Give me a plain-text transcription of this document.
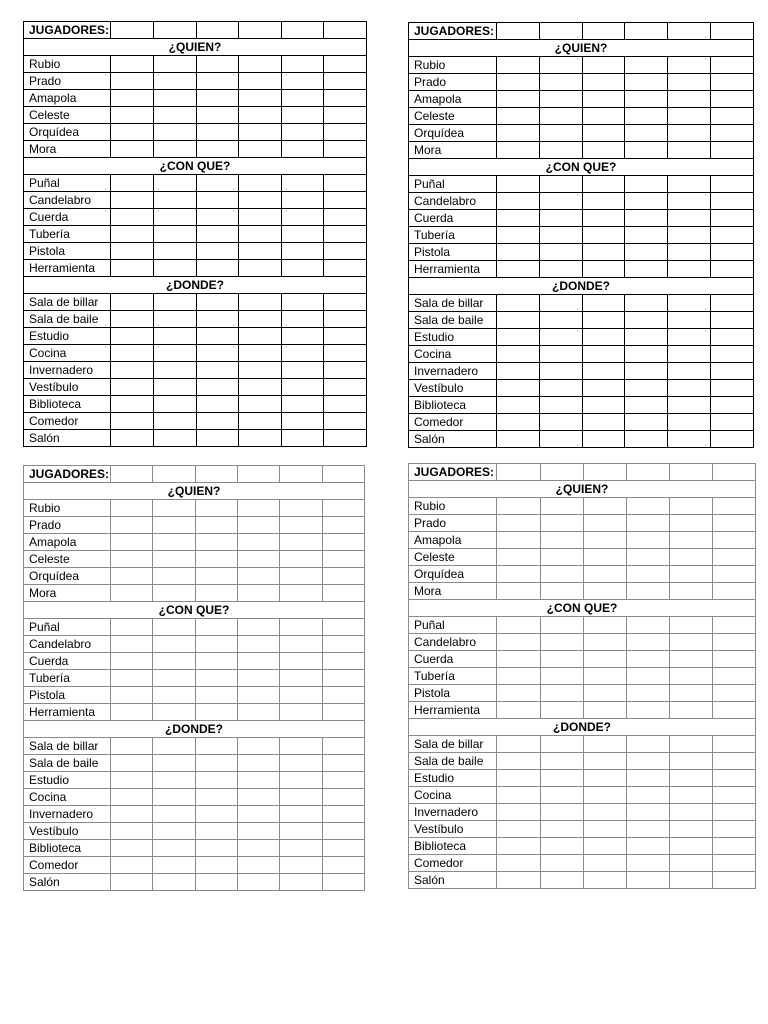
JUGADORES:						
¿QUIEN?						
Rubio						
Prado						
Amapola						
Celeste						
Orquídea						
Mora						
¿CON QUE?						
Puñal						
Candelabro						
Cuerda						
Tubería						
Pistola						
Herramienta						
¿DONDE?						
Sala de billar						
Sala de baile						
Estudio						
Cocina						
Invernadero						
Vestíbulo						
Biblioteca						
Comedor						
Salón						
JUGADORES:						
¿QUIEN?						
Rubio						
Prado						
Amapola						
Celeste						
Orquídea						
Mora						
¿CON QUE?						
Puñal						
Candelabro						
Cuerda						
Tubería						
Pistola						
Herramienta						
¿DONDE?						
Sala de billar						
Sala de baile						
Estudio						
Cocina						
Invernadero						
Vestíbulo						
Biblioteca						
Comedor						
Salón						
JUGADORES:						
¿QUIEN?						
Rubio						
Prado						
Amapola						
Celeste						
Orquídea						
Mora						
¿CON QUE?						
Puñal						
Candelabro						
Cuerda						
Tubería						
Pistola						
Herramienta						
¿DONDE?						
Sala de billar						
Sala de baile						
Estudio						
Cocina						
Invernadero						
Vestíbulo						
Biblioteca						
Comedor						
Salón						
JUGADORES:						
¿QUIEN?						
Rubio						
Prado						
Amapola						
Celeste						
Orquídea						
Mora						
¿CON QUE?						
Puñal						
Candelabro						
Cuerda						
Tubería						
Pistola						
Herramienta						
¿DONDE?						
Sala de billar						
Sala de baile						
Estudio						
Cocina						
Invernadero						
Vestíbulo						
Biblioteca						
Comedor						
Salón						
